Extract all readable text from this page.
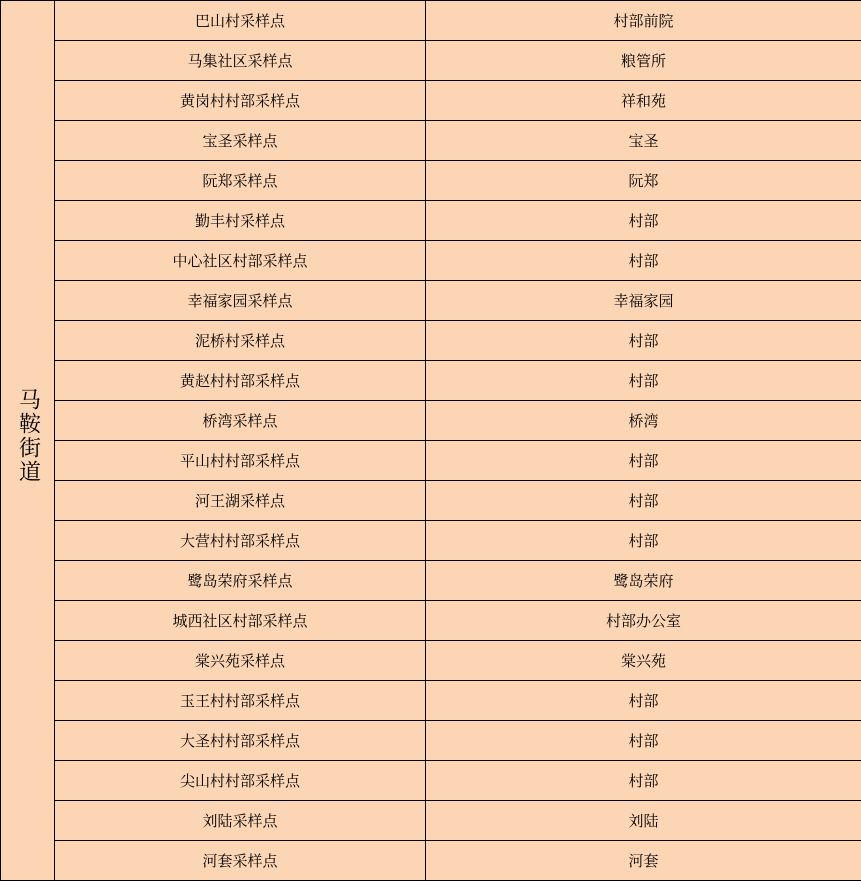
马鞍街道	巴山村采样点	村部前院
	马集社区采样点	粮管所
	黄岗村村部采样点	祥和苑
	宝圣采样点	宝圣
	阮郑采样点	阮郑
	勤丰村采样点	村部
	中心社区村部采样点	村部
	幸福家园采样点	幸福家园
	泥桥村采样点	村部
	黄赵村村部采样点	村部
	桥湾采样点	桥湾
	平山村村部采样点	村部
	河王湖采样点	村部
	大营村村部采样点	村部
	鹭岛荣府采样点	鹭岛荣府
	城西社区村部采样点	村部办公室
	棠兴苑采样点	棠兴苑
	玉王村村部采样点	村部
	大圣村村部采样点	村部
	尖山村村部采样点	村部
	刘陆采样点	刘陆
	河套采样点	河套
